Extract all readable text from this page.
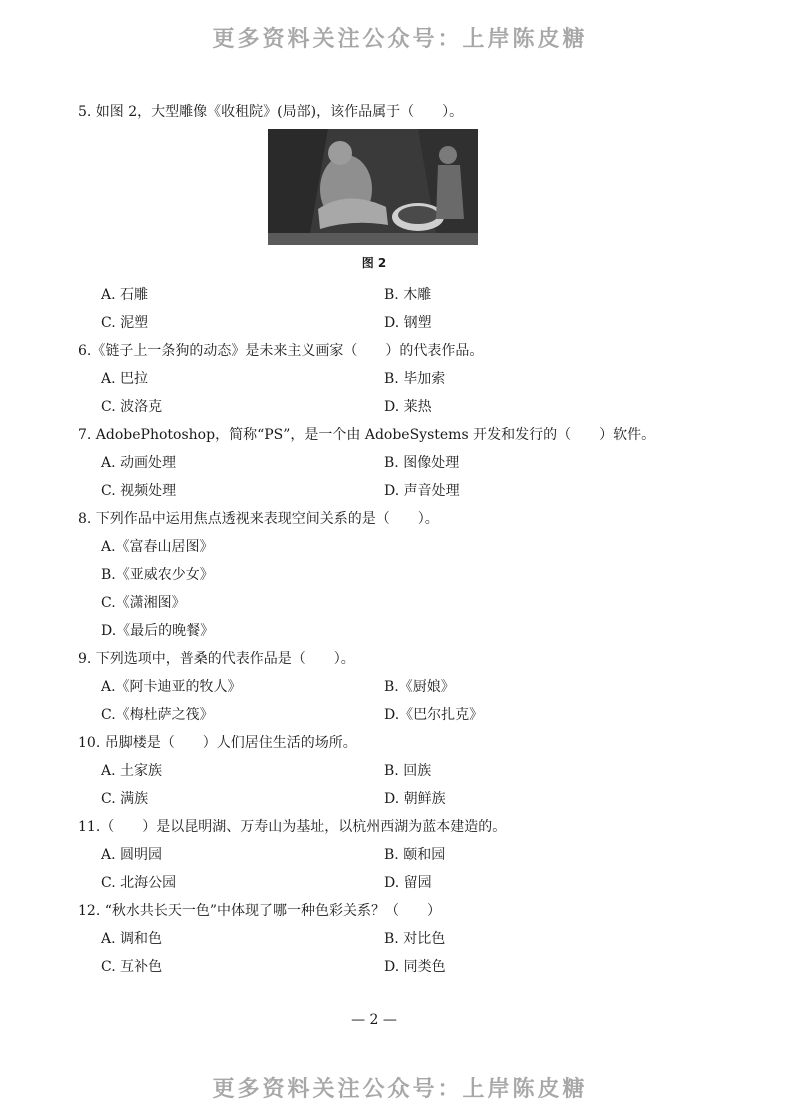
更多资料关注公众号：上岸陈皮糖
5. 如图 2，大型雕像《收租院》(局部)，该作品属于（　　）。
图 2
A. 石雕	B. 木雕
C. 泥塑	D. 钢塑
6.《链子上一条狗的动态》是未来主义画家（　　）的代表作品。
A. 巴拉	B. 毕加索
C. 波洛克	D. 莱热
7. AdobePhotoshop，简称“PS”，是一个由 AdobeSystems 开发和发行的（　　）软件。
A. 动画处理	B. 图像处理
C. 视频处理	D. 声音处理
8. 下列作品中运用焦点透视来表现空间关系的是（　　）。
A.《富春山居图》
B.《亚威农少女》
C.《潇湘图》
D.《最后的晚餐》
9. 下列选项中，普桑的代表作品是（　　）。
A.《阿卡迪亚的牧人》	B.《厨娘》
C.《梅杜萨之筏》	D.《巴尔扎克》
10. 吊脚楼是（　　）人们居住生活的场所。
A. 土家族	B. 回族
C. 满族	D. 朝鲜族
11.（　　）是以昆明湖、万寿山为基址，以杭州西湖为蓝本建造的。
A. 圆明园	B. 颐和园
C. 北海公园	D. 留园
12. “秋水共长天一色”中体现了哪一种色彩关系？（　　）
A. 调和色	B. 对比色
C. 互补色	D. 同类色
— 2 —
更多资料关注公众号：上岸陈皮糖
